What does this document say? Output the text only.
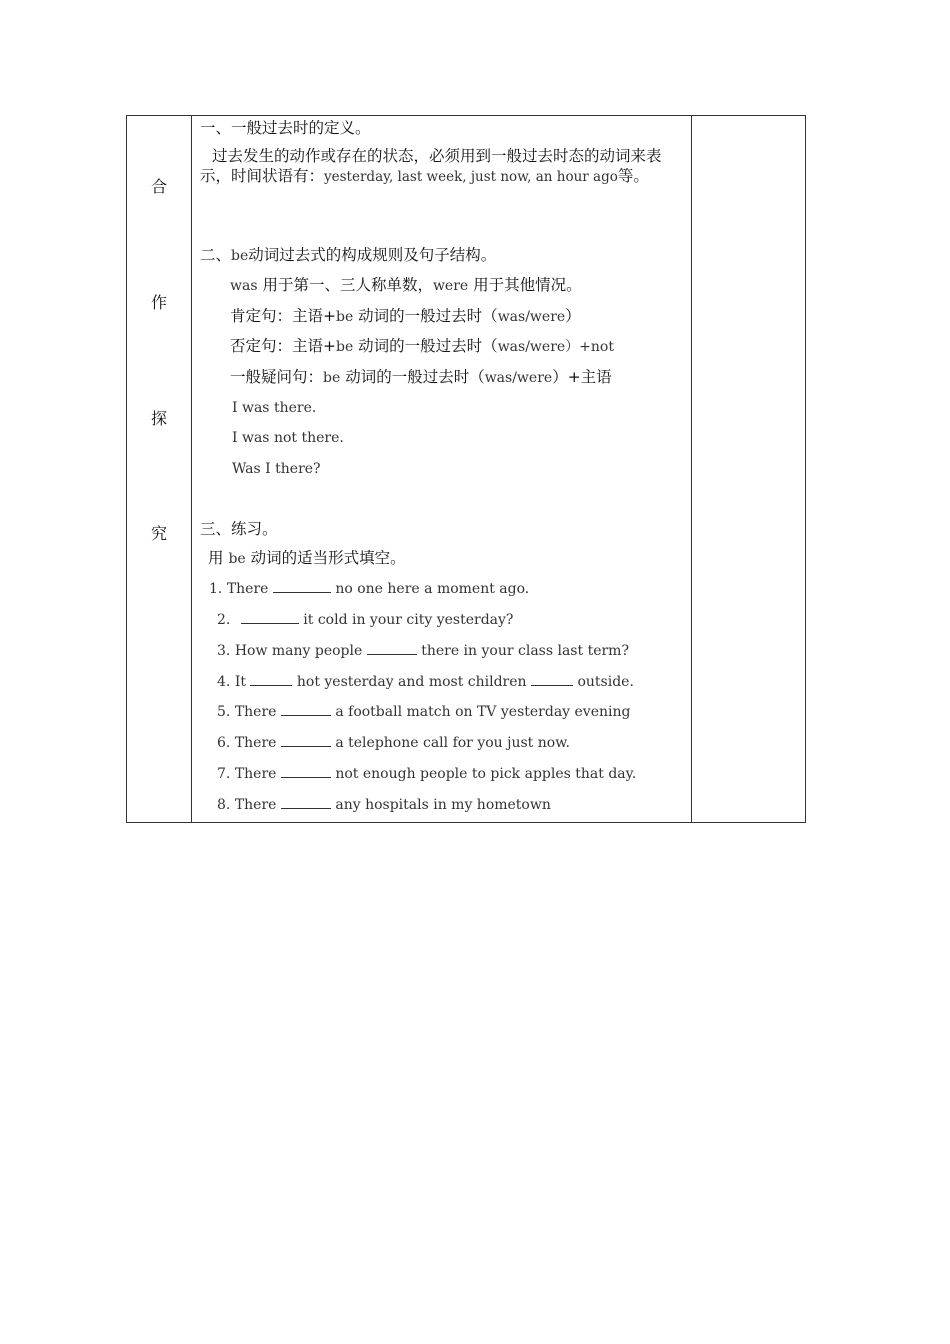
合
作
探
究
一、一般过去时的定义。
过去发生的动作或存在的状态，必须用到一般过去时态的动词来表示，时间状语有：yesterday, last week, just now, an hour ago等。
二、be动词过去式的构成规则及句子结构。
was 用于第一、三人称单数，were 用于其他情况。
肯定句：主语+be 动词的一般过去时（was/were）
否定句：主语+be 动词的一般过去时（was/were）+not
一般疑问句：be 动词的一般过去时（was/were）+主语
I was there.
I was not there.
Was I there?
三、练习。
用 be 动词的适当形式填空。
1. There	no one here a moment ago.
2.	it cold in your city yesterday?
3. How many people	there in your class last term?
4. It	hot yesterday and most children	outside.
5. There	a football match on TV yesterday evening
6. There	a telephone call for you just now.
7. There	not enough people to pick apples that day.
8. There	any hospitals in my hometown
